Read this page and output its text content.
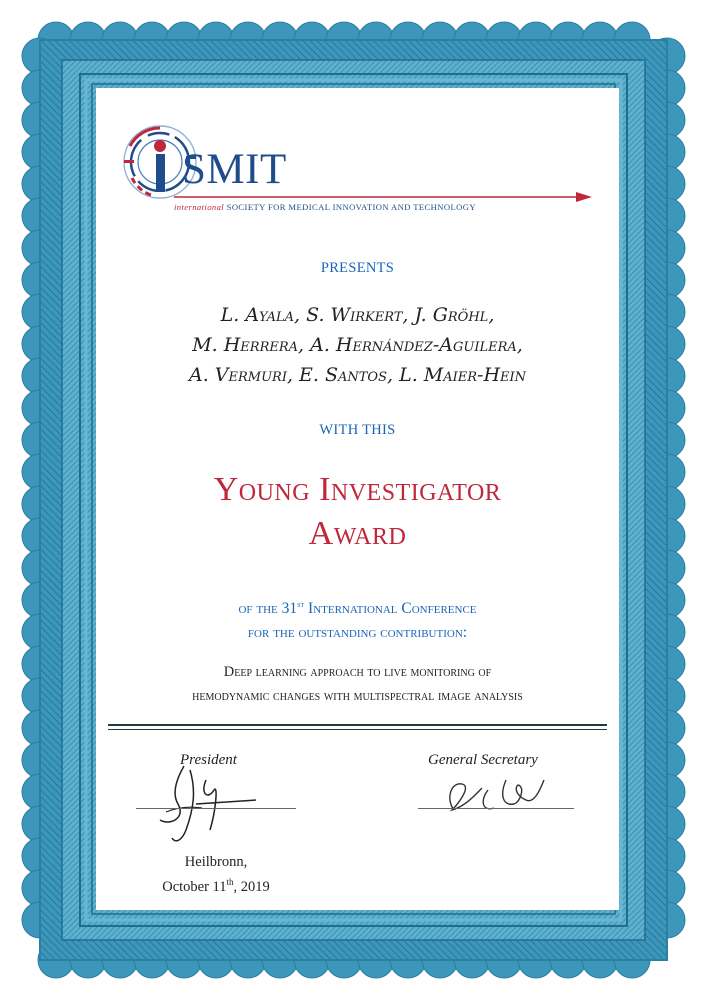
SMIT
international SOCIETY FOR MEDICAL INNOVATION AND TECHNOLOGY
PRESENTS
L. Ayala, S. Wirkert, J. Gröhl,
M. Herrera, A. Hernández-Aguilera,
A. Vermuri, E. Santos, L. Maier-Hein
WITH THIS
Young Investigator
Award
of the 31st International Conference
for the outstanding contribution:
Deep learning approach to live monitoring of
hemodynamic changes with multispectral image analysis
President	General Secretary
Heilbronn,
October 11th, 2019
